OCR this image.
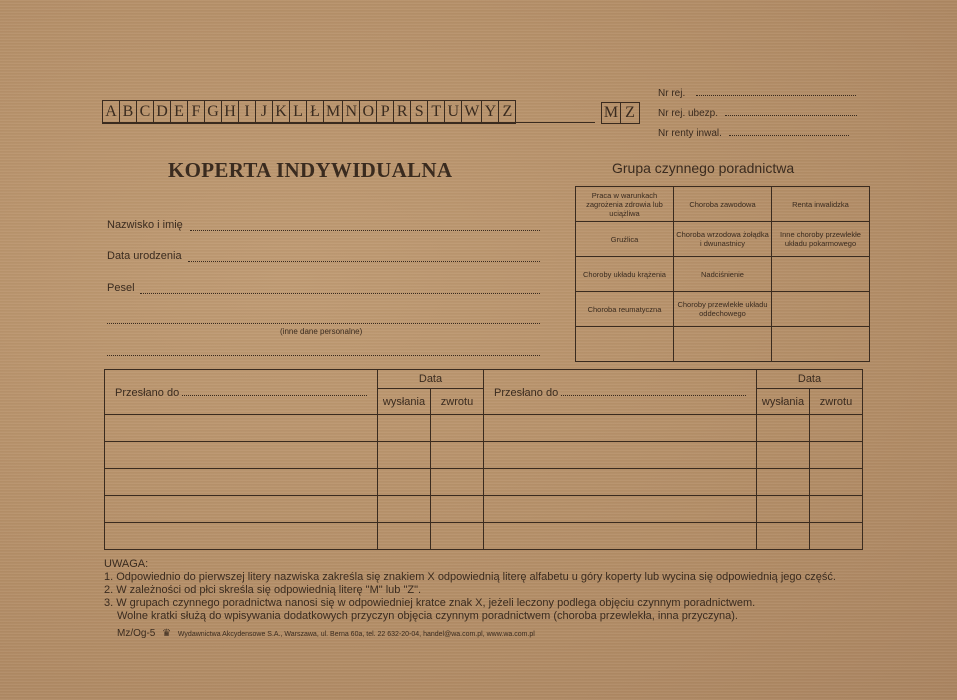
A B C D E F G H I J K L Ł M N O P R S T U W Y Z	M Z
Nr rej.
Nr rej. ubezp.
Nr renty inwal.
KOPERTA INDYWIDUALNA
Nazwisko i imię
Data urodzenia
Pesel
(inne dane personalne)
Grupa czynnego poradnictwa
Praca w warunkach zagrożenia zdrowia lub uciążliwa	Choroba zawodowa	Renta inwalidzka
Gruźlica	Choroba wrzodowa żołądka i dwunastnicy	Inne choroby przewlekłe układu pokarmowego
Choroby układu krążenia	Nadciśnienie	
Choroba reumatyczna	Choroby przewlekłe układu oddechowego	

Przesłano do	Data		Przesłano do	Data	
	wysłania	zwrotu		wysłania	zwrotu

UWAGA:
1. Odpowiednio do pierwszej litery nazwiska zakreśla się znakiem X odpowiednią literę alfabetu u góry koperty lub wycina się odpowiednią jego część.
2. W zależności od płci skreśla się odpowiednią literę "M" lub "Z".
3. W grupach czynnego poradnictwa nanosi się w odpowiedniej kratce znak X, jeżeli leczony podlega objęciu czynnym poradnictwem.
Wolne kratki służą do wpisywania dodatkowych przyczyn objęcia czynnym poradnictwem (choroba przewlekła, inna przyczyna).
Mz/Og-5 ♛ Wydawnictwa Akcydensowe S.A., Warszawa, ul. Berna 60a, tel. 22 632-20-04, handel@wa.com.pl, www.wa.com.pl
